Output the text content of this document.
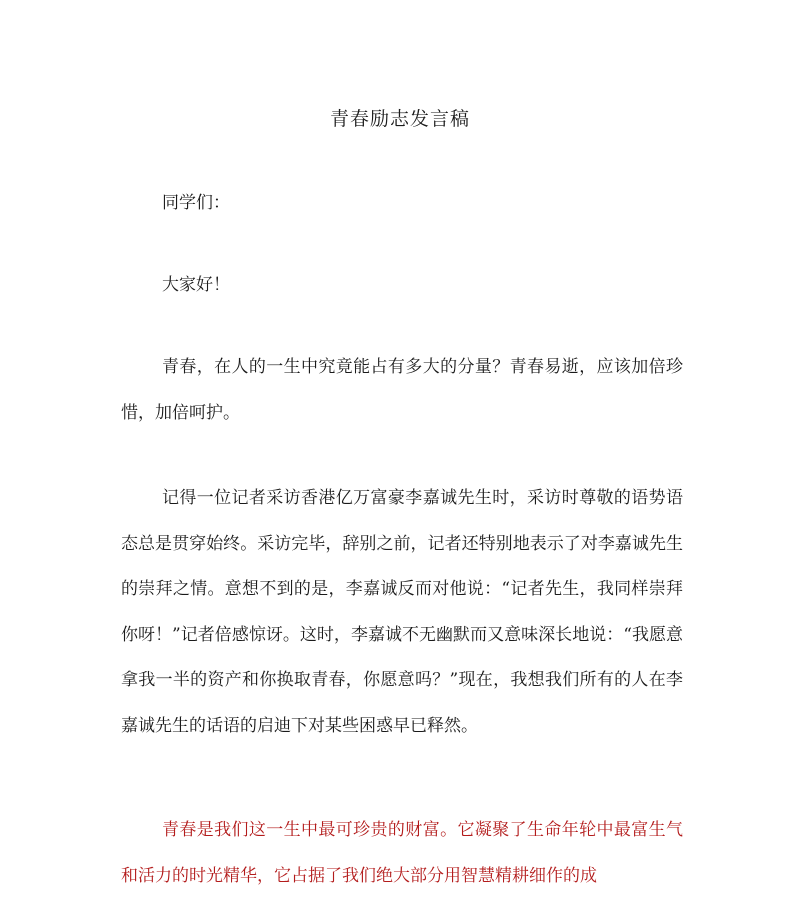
青春励志发言稿

同学们：

大家好！

青春，在人的一生中究竟能占有多大的分量？青春易逝，应该加倍珍惜，加倍呵护。

记得一位记者采访香港亿万富豪李嘉诚先生时，采访时尊敬的语势语态总是贯穿始终。采访完毕，辞别之前，记者还特别地表示了对李嘉诚先生的崇拜之情。意想不到的是，李嘉诚反而对他说：“记者先生，我同样崇拜你呀！”记者倍感惊讶。这时，李嘉诚不无幽默而又意味深长地说：“我愿意拿我一半的资产和你换取青春，你愿意吗？”现在，我想我们所有的人在李嘉诚先生的话语的启迪下对某些困惑早已释然。

青春是我们这一生中最可珍贵的财富。它凝聚了生命年轮中最富生气和活力的时光精华，它占据了我们绝大部分用智慧精耕细作的成
